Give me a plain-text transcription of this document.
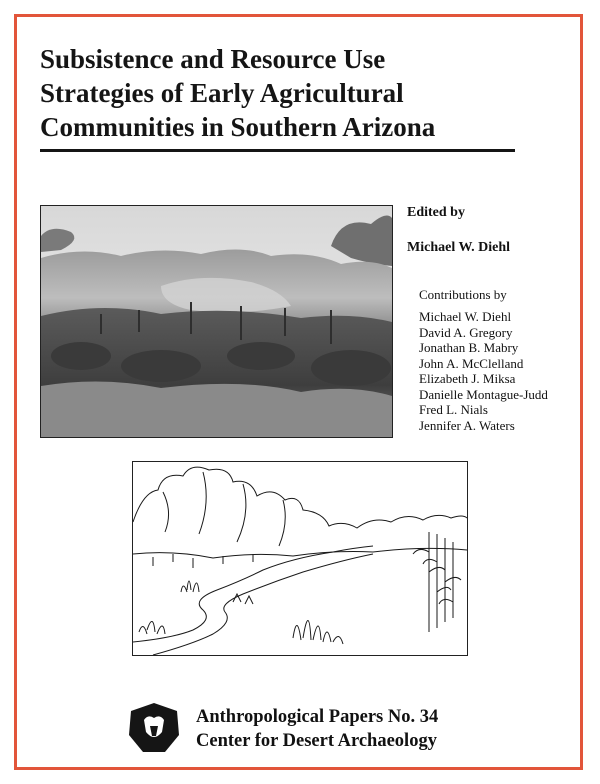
Subsistence and Resource Use
Strategies of Early Agricultural
Communities in Southern Arizona

Edited by

Michael W. Diehl

Contributions by

Michael W. Diehl
David A. Gregory
Jonathan B. Mabry
John A. McClelland
Elizabeth J. Miksa
Danielle Montague-Judd
Fred L. Nials
Jennifer A. Waters

Anthropological Papers No. 34

Center for Desert Archaeology
